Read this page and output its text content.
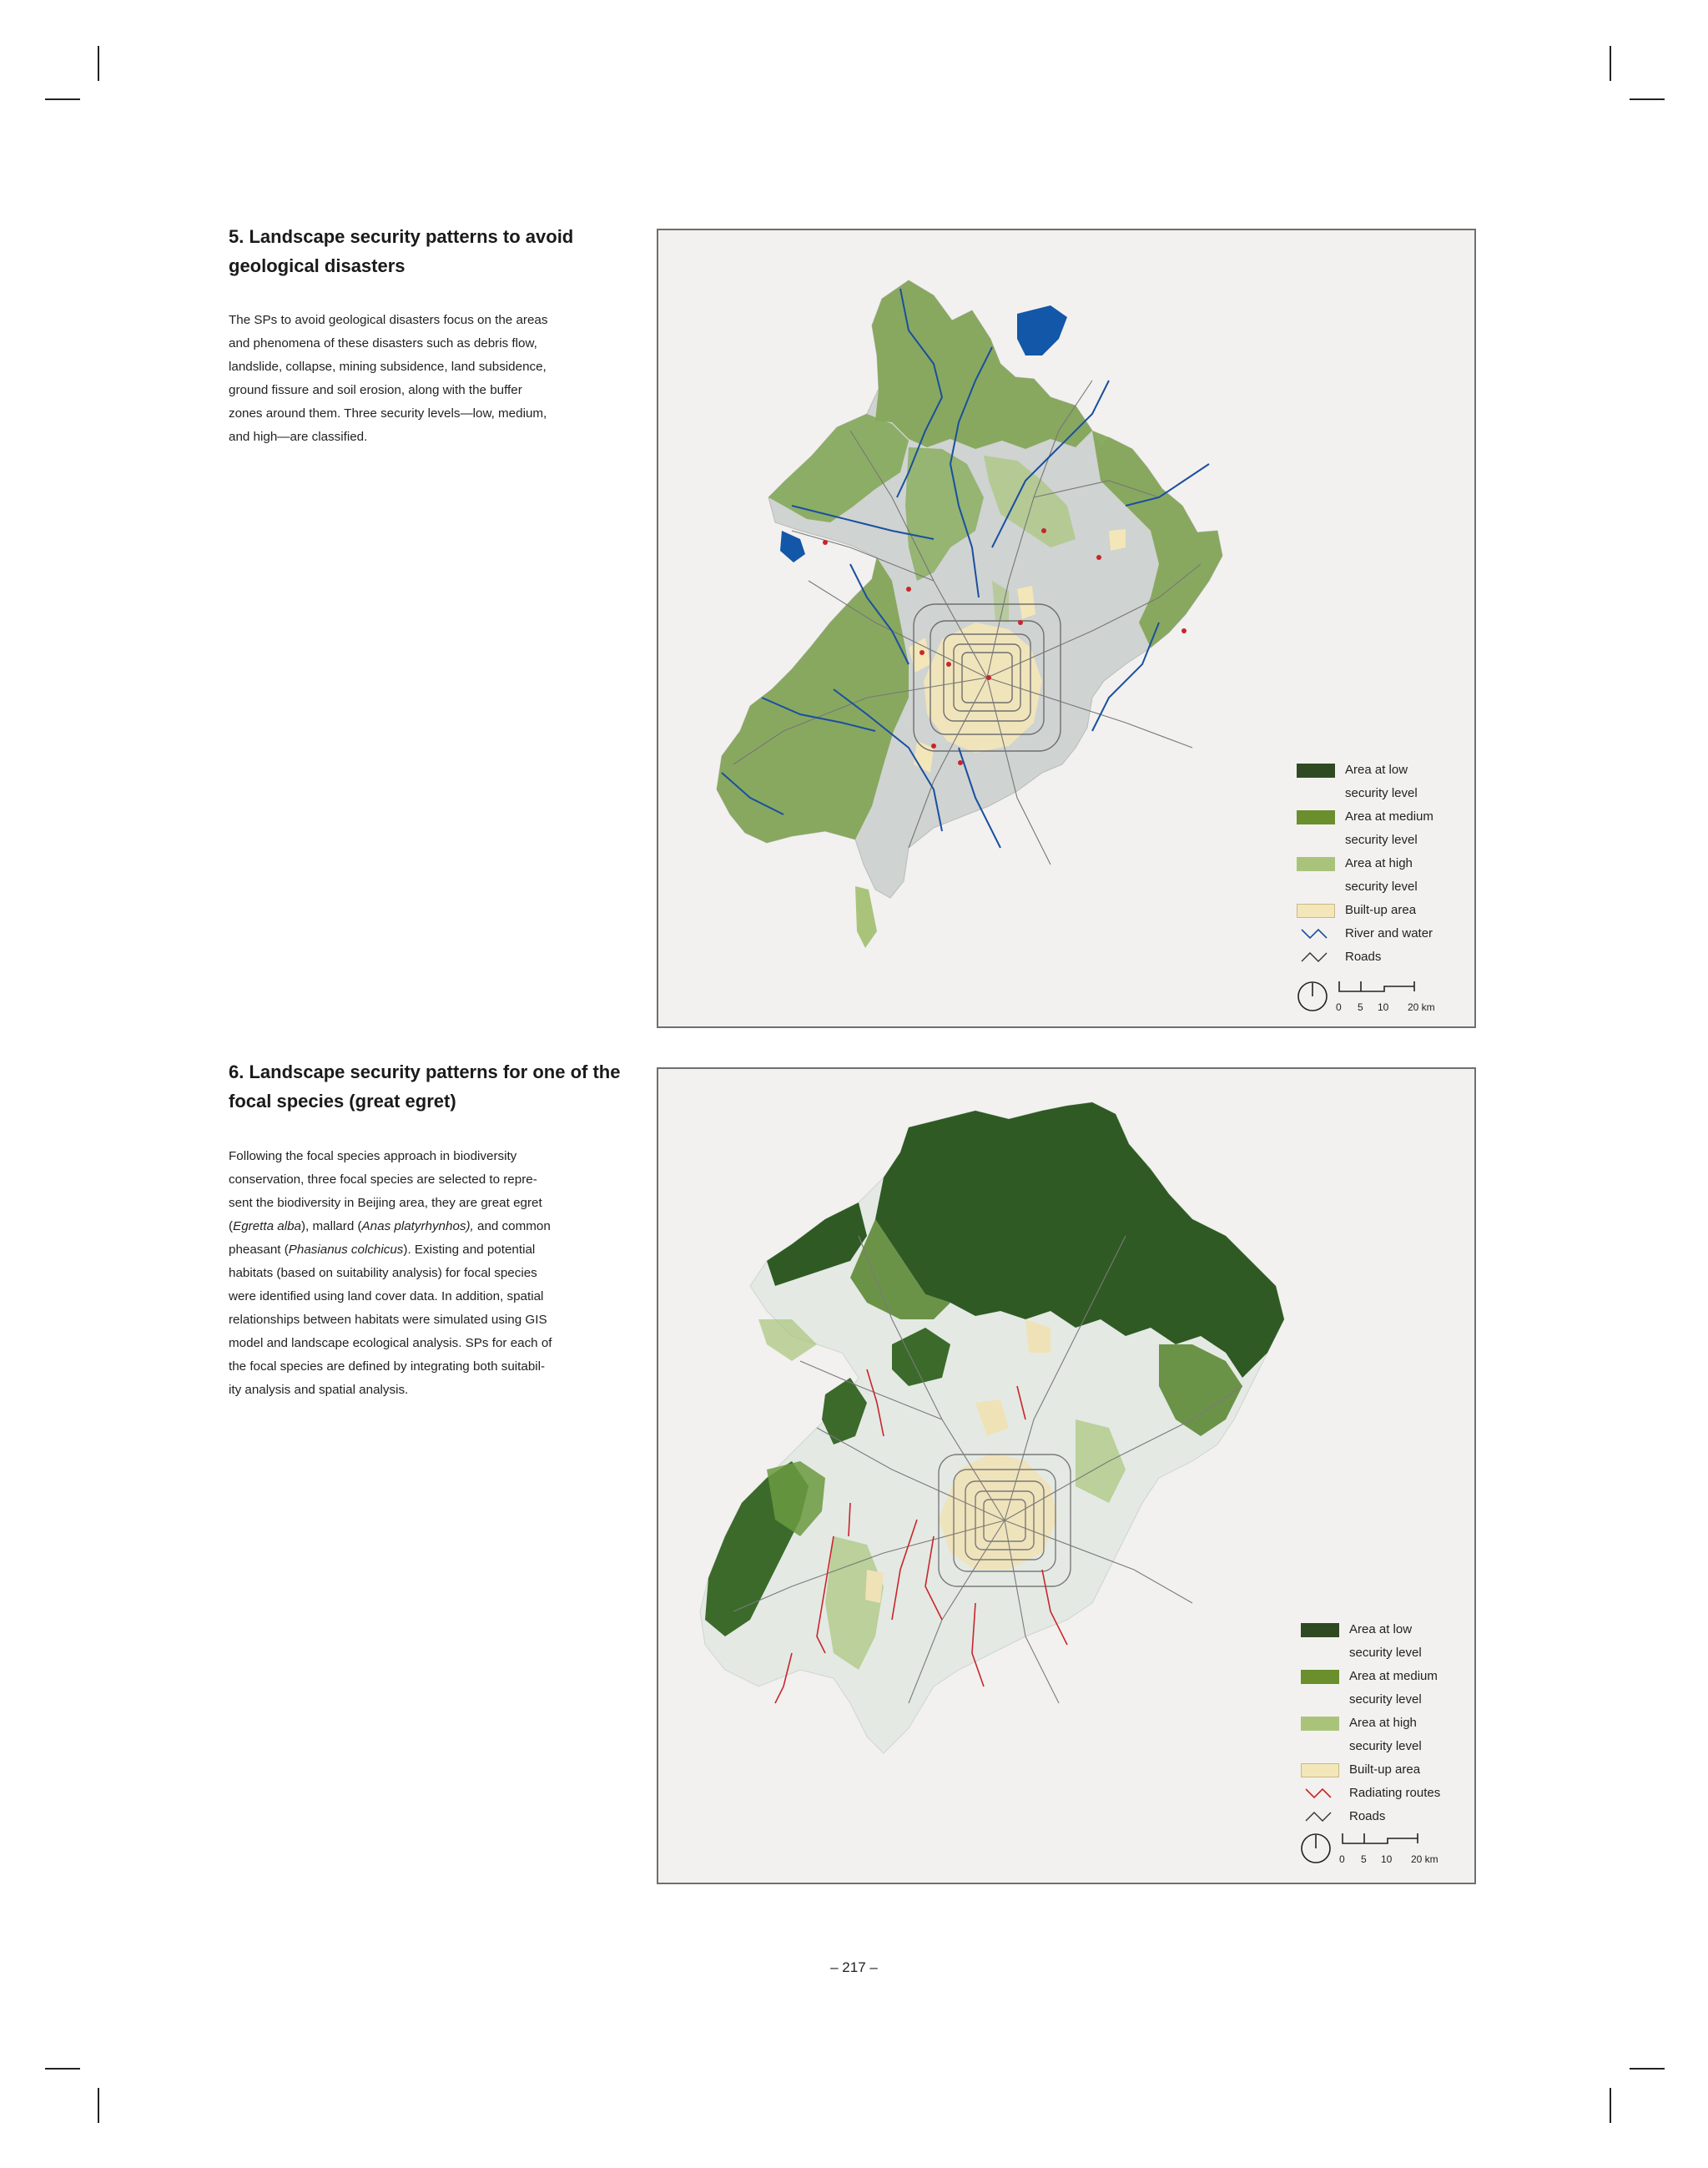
5. Landscape security patterns to avoid
geological disasters

The SPs to avoid geological disasters focus on the areas
and phenomena of these disasters such as debris flow,
landslide, collapse, mining subsidence, land subsidence,
ground fissure and soil erosion, along with the buffer
zones around them. Three security levels—low, medium,
and high—are classified.

Area at low
security level
Area at medium
security level
Area at high
security level
Built-up area
River and water
Roads
0 5 10 20 km
6. Landscape security patterns for one of the
focal species (great egret)

Following the focal species approach in biodiversity
conservation, three focal species are selected to repre-
sent the biodiversity in Beijing area, they are great egret
(Egretta alba), mallard (Anas platyrhynhos), and common
pheasant (Phasianus colchicus). Existing and potential
habitats (based on suitability analysis) for focal species
were identified using land cover data. In addition, spatial
relationships between habitats were simulated using GIS
model and landscape ecological analysis. SPs for each of
the focal species are defined by integrating both suitabil-
ity analysis and spatial analysis.

Area at low
security level
Area at medium
security level
Area at high
security level
Built-up area
Radiating routes
Roads
0 5 10 20 km
– 217 –
